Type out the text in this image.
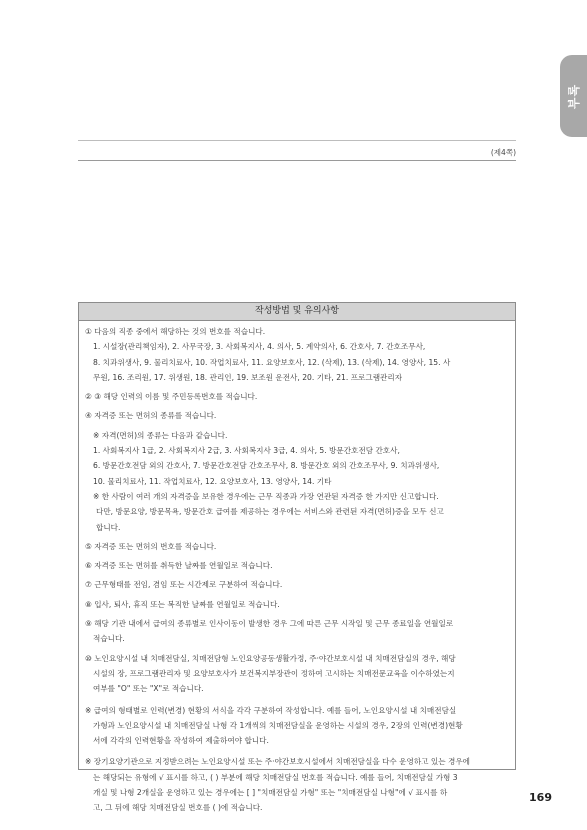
부록
(제4쪽)
작성방법 및 유의사항
① 다음의 직종 중에서 해당하는 것의 번호를 적습니다.
1. 시설장(관리책임자), 2. 사무국장, 3. 사회복지사, 4. 의사, 5. 계약의사, 6. 간호사, 7. 간호조무사,
8. 치과위생사, 9. 물리치료사, 10. 작업치료사, 11. 요양보호사, 12. (삭제), 13. (삭제), 14. 영양사, 15. 사
무원, 16. 조리원, 17. 위생원, 18. 관리인, 19. 보조원 운전사, 20. 기타, 21. 프로그램관리자
② ③ 해당 인력의 이름 및 주민등록번호를 적습니다.
④ 자격증 또는 면허의 종류를 적습니다.
※ 자격(면허)의 종류는 다음과 같습니다.
1. 사회복지사 1급, 2. 사회복지사 2급, 3. 사회복지사 3급, 4. 의사, 5. 방문간호전담 간호사,
6. 방문간호전담 외의 간호사, 7. 방문간호전담 간호조무사, 8. 방문간호 외의 간호조무사, 9. 치과위생사,
10. 물리치료사, 11. 작업치료사, 12. 요양보호사, 13. 영양사, 14. 기타
※ 한 사람이 여러 개의 자격증을 보유한 경우에는 근무 직종과 가장 연관된 자격증 한 가지만 신고합니다.
다만, 방문요양, 방문목욕, 방문간호 급여를 제공하는 경우에는 서비스와 관련된 자격(면허)증을 모두 신고
합니다.
⑤ 자격증 또는 면허의 번호를 적습니다.
⑥ 자격증 또는 면허를 취득한 날짜를 연월일로 적습니다.
⑦ 근무형태를 전임, 겸임 또는 시간제로 구분하여 적습니다.
⑧ 입사, 퇴사, 휴직 또는 복직한 날짜를 연월일로 적습니다.
⑨ 해당 기관 내에서 급여의 종류별로 인사이동이 발생한 경우 그에 따른 근무 시작일 및 근무 종료일을 연월일로
적습니다.
⑩ 노인요양시설 내 치매전담실, 치매전담형 노인요양공동생활가정, 주·야간보호시설 내 치매전담실의 경우, 해당
시설의 장, 프로그램관리자 및 요양보호사가 보건복지부장관이 정하여 고시하는 치매전문교육을 이수하였는지
여부를 "O" 또는 "X"로 적습니다.
※ 급여의 형태별로 인력(변경) 현황의 서식을 각각 구분하여 작성합니다. 예를 들어, 노인요양시설 내 치매전담실
가형과 노인요양시설 내 치매전담실 나형 각 1개씩의 치매전담실을 운영하는 시설의 경우, 2장의 인력(변경)현황
서에 각각의 인력현황을 작성하여 제출하여야 합니다.
※ 장기요양기관으로 지정받으려는 노인요양시설 또는 주·야간보호시설에서 치매전담실을 다수 운영하고 있는 경우에
는 해당되는 유형에 √ 표시를 하고, ( ) 부분에 해당 치매전담실 번호를 적습니다. 예를 들어, 치매전담실 가형 3
개실 및 나형 2개실을 운영하고 있는 경우에는 [ ] "치매전담실 가형" 또는 "치매전담실 나형"에 √ 표시를 하
고, 그 뒤에 해당 치매전담실 번호를 ( )에 적습니다.
169
